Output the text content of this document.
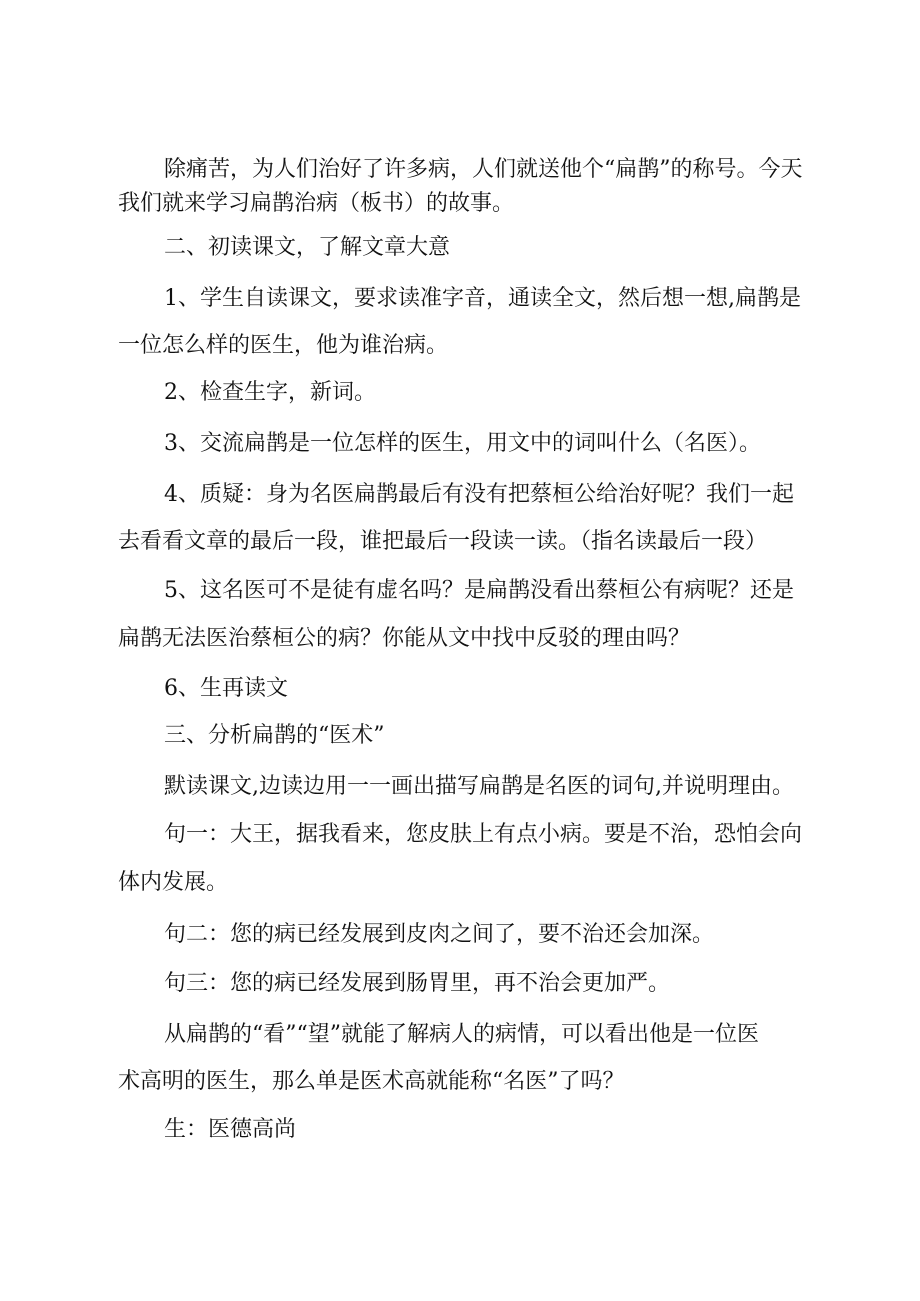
除痛苦，为人们治好了许多病，人们就送他个“扁鹊”的称号。今天
我们就来学习扁鹊治病（板书）的故事。
二、初读课文，了解文章大意
1、学生自读课文，要求读准字音，通读全文，然后想一想,扁鹊是
一位怎么样的医生，他为谁治病。
2、检查生字，新词。
3、交流扁鹊是一位怎样的医生，用文中的词叫什么（名医）。
4、质疑：身为名医扁鹊最后有没有把蔡桓公给治好呢？我们一起
去看看文章的最后一段，谁把最后一段读一读。（指名读最后一段）
5、这名医可不是徒有虚名吗？是扁鹊没看出蔡桓公有病呢？还是
扁鹊无法医治蔡桓公的病？你能从文中找中反驳的理由吗？
6、生再读文
三、分析扁鹊的“医术”
默读课文,边读边用一一画出描写扁鹊是名医的词句,并说明理由。
句一：大王，据我看来，您皮肤上有点小病。要是不治，恐怕会向
体内发展。
句二：您的病已经发展到皮肉之间了，要不治还会加深。
句三：您的病已经发展到肠胃里，再不治会更加严。
从扁鹊的“看”“望”就能了解病人的病情，可以看出他是一位医
术高明的医生，那么单是医术高就能称“名医”了吗？
生：医德高尚
